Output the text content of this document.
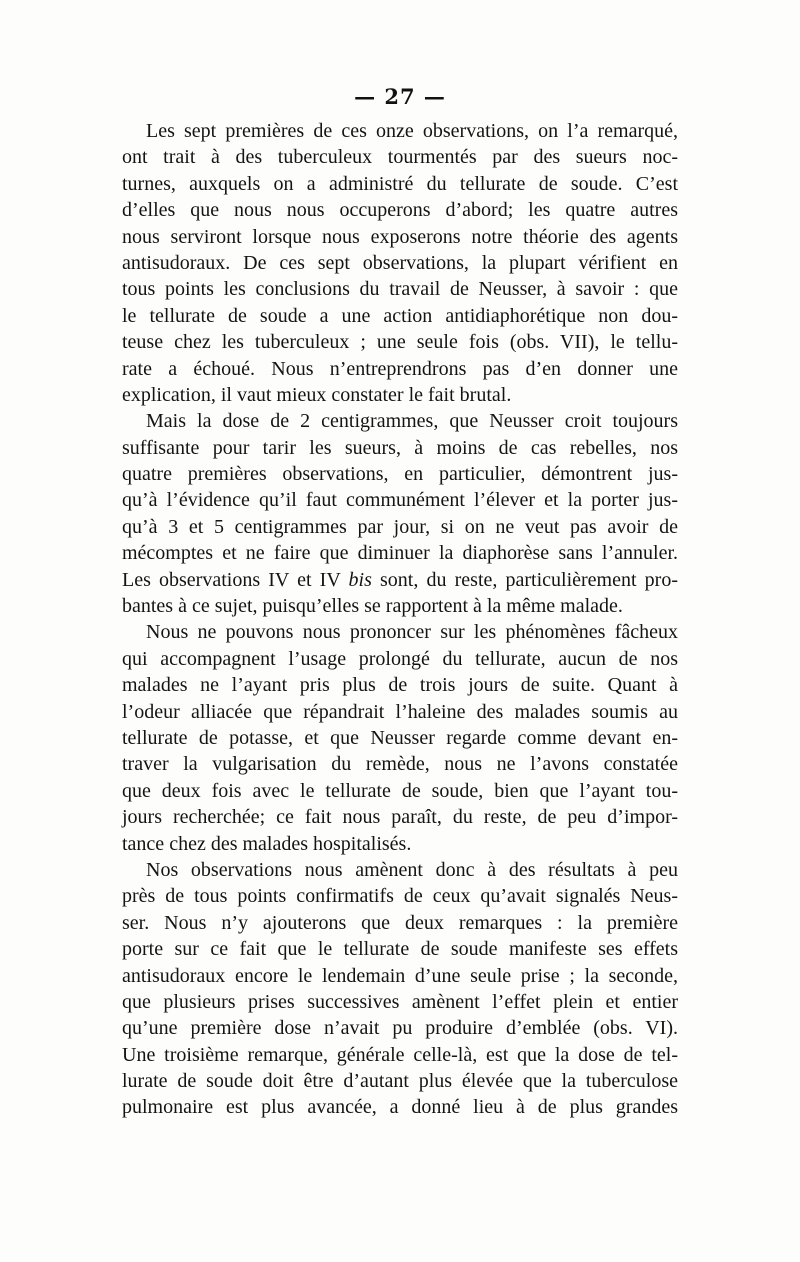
— 27 —
Les sept premières de ces onze observations, on l’a remarqué,
ont trait à des tuberculeux tourmentés par des sueurs noc-
turnes, auxquels on a administré du tellurate de soude. C’est
d’elles que nous nous occuperons d’abord; les quatre autres
nous serviront lorsque nous exposerons notre théorie des agents
antisudoraux. De ces sept observations, la plupart vérifient en
tous points les conclusions du travail de Neusser, à savoir : que
le tellurate de soude a une action antidiaphorétique non dou-
teuse chez les tuberculeux ; une seule fois (obs. VII), le tellu-
rate a échoué. Nous n’entreprendrons pas d’en donner une
explication, il vaut mieux constater le fait brutal.
Mais la dose de 2 centigrammes, que Neusser croit toujours
suffisante pour tarir les sueurs, à moins de cas rebelles, nos
quatre premières observations, en particulier, démontrent jus-
qu’à l’évidence qu’il faut communément l’élever et la porter jus-
qu’à 3 et 5 centigrammes par jour, si on ne veut pas avoir de
mécomptes et ne faire que diminuer la diaphorèse sans l’annuler.
Les observations IV et IV bis sont, du reste, particulièrement pro-
bantes à ce sujet, puisqu’elles se rapportent à la même malade.
Nous ne pouvons nous prononcer sur les phénomènes fâcheux
qui accompagnent l’usage prolongé du tellurate, aucun de nos
malades ne l’ayant pris plus de trois jours de suite. Quant à
l’odeur alliacée que répandrait l’haleine des malades soumis au
tellurate de potasse, et que Neusser regarde comme devant en-
traver la vulgarisation du remède, nous ne l’avons constatée
que deux fois avec le tellurate de soude, bien que l’ayant tou-
jours recherchée; ce fait nous paraît, du reste, de peu d’impor-
tance chez des malades hospitalisés.
Nos observations nous amènent donc à des résultats à peu
près de tous points confirmatifs de ceux qu’avait signalés Neus-
ser. Nous n’y ajouterons que deux remarques : la première
porte sur ce fait que le tellurate de soude manifeste ses effets
antisudoraux encore le lendemain d’une seule prise ; la seconde,
que plusieurs prises successives amènent l’effet plein et entier
qu’une première dose n’avait pu produire d’emblée (obs. VI).
Une troisième remarque, générale celle-là, est que la dose de tel-
lurate de soude doit être d’autant plus élevée que la tuberculose
pulmonaire est plus avancée, a donné lieu à de plus grandes
